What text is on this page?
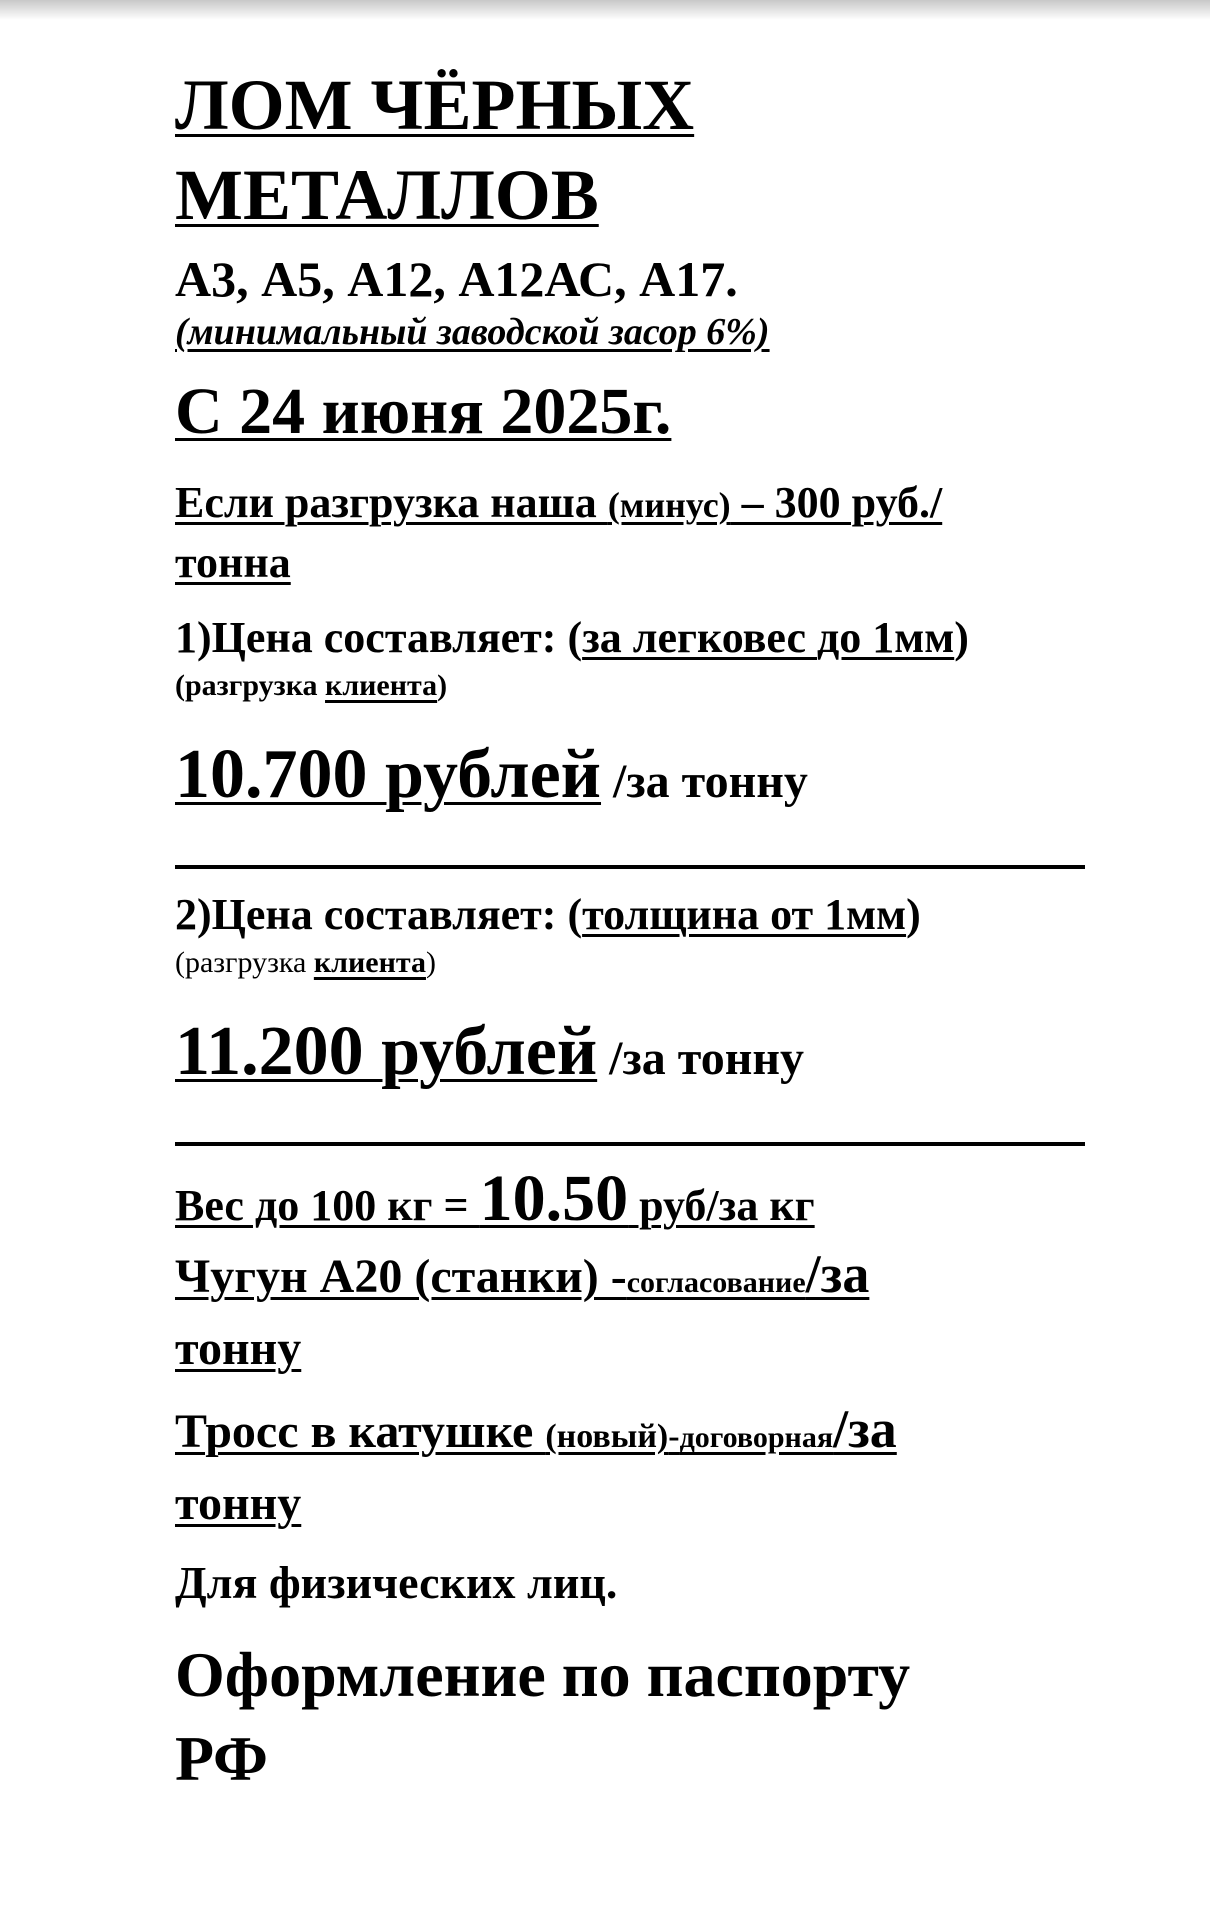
ЛОМ ЧЁРНЫХ
МЕТАЛЛОВ
А3, А5, А12, А12АС, А17.
(минимальный заводской засор 6%)
С 24 июня 2025г.
Если разгрузка наша (минус) – 300 руб./
тонна
1)Цена составляет: (за легковес до 1мм)
(разгрузка клиента)
10.700 рублей /за тонну
2)Цена составляет: (толщина от 1мм)
(разгрузка клиента)
11.200 рублей /за тонну
Вес до 100 кг = 10.50 руб/за кг
Чугун А20 (станки) -согласование/за
тонну
Тросс в катушке (новый)-договорная/за
тонну
Для физических лиц.
Оформление по паспорту
РФ
